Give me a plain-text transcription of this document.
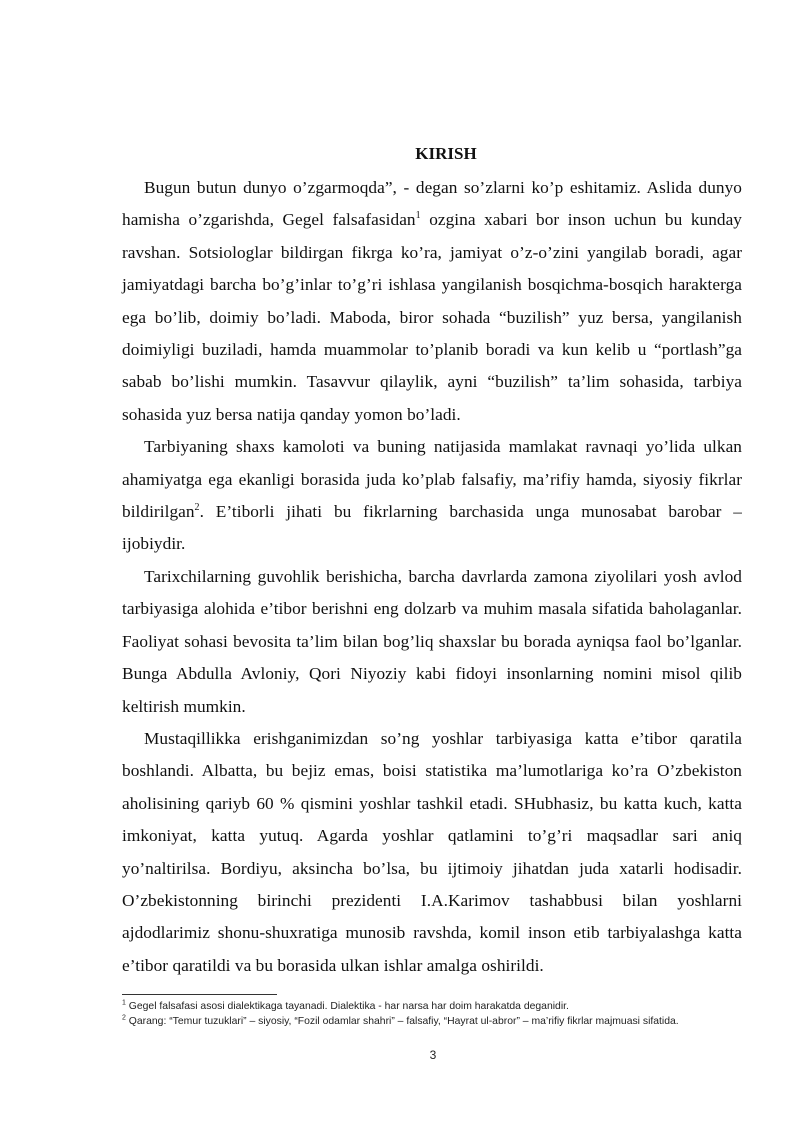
KIRISH

Bugun butun dunyo o’zgarmoqda”, - degan so’zlarni ko’p eshitamiz. Aslida dunyo hamisha o’zgarishda, Gegel falsafasidan$^1$ ozgina xabari bor inson uchun bu kunday ravshan. Sotsiologlar bildirgan fikrga ko’ra, jamiyat o’z-o’zini yangilab boradi, agar jamiyatdagi barcha bo’g’inlar to’g’ri ishlasa yangilanish bosqichma-bosqich harakterga ega bo’lib, doimiy bo’ladi. Maboda, biror sohada “buzilish” yuz bersa, yangilanish doimiyligi buziladi, hamda muammolar to’planib boradi va kun kelib u “portlash”ga sabab bo’lishi mumkin. Tasavvur qilaylik, ayni “buzilish” ta’lim sohasida, tarbiya sohasida yuz bersa natija qanday yomon bo’ladi.

Tarbiyaning shaxs kamoloti va buning natijasida mamlakat ravnaqi yo’lida ulkan ahamiyatga ega ekanligi borasida juda ko’plab falsafiy, ma’rifiy hamda, siyosiy fikrlar bildirilgan$^2$. E’tiborli jihati bu fikrlarning barchasida unga munosabat barobar – ijobiydir.

Tarixchilarning guvohlik berishicha, barcha davrlarda zamona ziyolilari yosh avlod tarbiyasiga alohida e’tibor berishni eng dolzarb va muhim masala sifatida baholaganlar. Faoliyat sohasi bevosita ta’lim bilan bog’liq shaxslar bu borada ayniqsa faol bo’lganlar. Bunga Abdulla Avloniy, Qori Niyoziy kabi fidoyi insonlarning nomini misol qilib keltirish mumkin.

Mustaqillikka erishganimizdan so’ng yoshlar tarbiyasiga katta e’tibor qaratila boshlandi. Albatta, bu bejiz emas, boisi statistika ma’lumotlariga ko’ra O’zbekiston aholisining qariyb 60 % qismini yoshlar tashkil etadi. SHubhasiz, bu katta kuch, katta imkoniyat, katta yutuq. Agarda yoshlar qatlamini to’g’ri maqsadlar sari aniq yo’naltirilsa. Bordiyu, aksincha bo’lsa, bu ijtimoiy jihatdan juda xatarli hodisadir. O’zbekistonning birinchi prezidenti I.A.Karimov tashabbusi bilan yoshlarni ajdodlarimiz shonu-shuxratiga munosib ravshda, komil inson etib tarbiyalashga katta e’tibor qaratildi va bu borasida ulkan ishlar amalga oshirildi.

$^1$ Gegel falsafasi asosi dialektikaga tayanadi. Dialektika - har narsa har doim harakatda deganidir.

$^2$ Qarang: “Temur tuzuklari” – siyosiy, “Fozil odamlar shahri” – falsafiy, “Hayrat ul-abror” – ma’rifiy fikrlar majmuasi sifatida.

3
